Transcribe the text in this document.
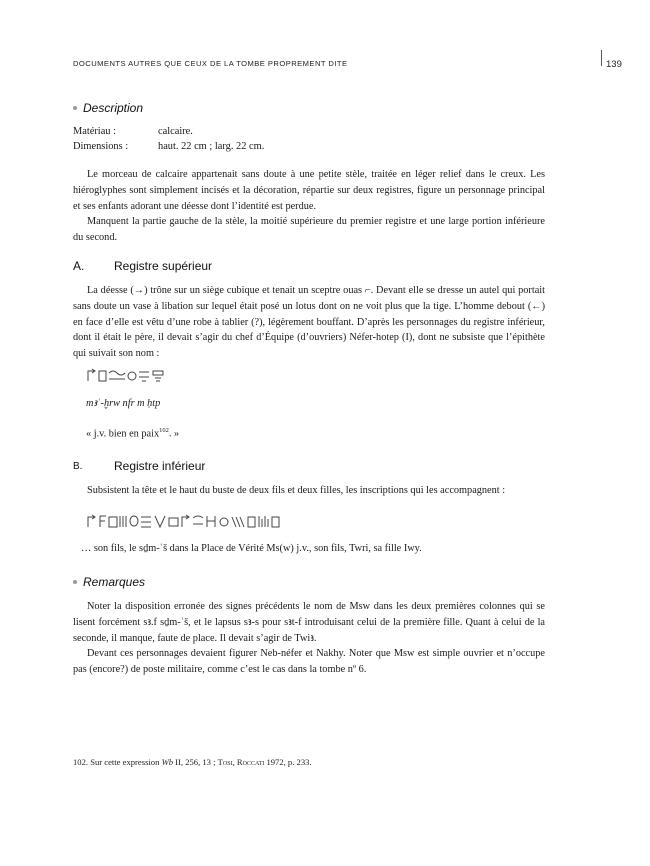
DOCUMENTS AUTRES QUE CEUX DE LA TOMBE PROPREMENT DITE	139
Description
Matériau :	calcaire.
Dimensions :	haut. 22 cm ; larg. 22 cm.

Le morceau de calcaire appartenait sans doute à une petite stèle, traitée en léger relief dans le creux. Les hiéroglyphes sont simplement incisés et la décoration, répartie sur deux registres, figure un personnage principal et ses enfants adorant une déesse dont l’identité est perdue.

Manquent la partie gauche de la stèle, la moitié supérieure du premier registre et une large portion inférieure du second.

A. Registre supérieur

La déesse (→) trône sur un siège cubique et tenait un sceptre ouas ⌐. Devant elle se dresse un autel qui portait sans doute un vase à libation sur lequel était posé un lotus dont on ne voit plus que la tige. L’homme debout (←) en face d’elle est vêtu d’une robe à tablier (?), légèrement bouffant. D’après les personnages du registre inférieur, dont il était le père, il devait s’agir du chef d’Équipe (d’ouvriers) Néfer-hotep (I), dont ne subsiste que l’épithète qui suivait son nom :

mꜣʿ-ḫrw nfr m ḥtp
« j.v. bien en paix$^{102}$. »
B.	Registre inférieur

Subsistent la tête et le haut du buste de deux fils et deux filles, les inscriptions qui les accompagnent :

… son fils, le sḏm-ʿš dans la Place de Vérité Ms(w) j.v., son fils, Twri, sa fille Iwy.
Remarques

Noter la disposition erronée des signes précédents le nom de Msw dans les deux premières colonnes qui se lisent forcément sꜣ.f sḏm-ʿš, et le lapsus sꜣ-s pour sꜣt-f introduisant celui de la première fille. Quant à celui de la seconde, il manque, faute de place. Il devait s’agir de Twiꜣ.

Devant ces personnages devaient figurer Neb-néfer et Nakhy. Noter que Msw est simple ouvrier et n’occupe pas (encore?) de poste militaire, comme c’est le cas dans la tombe nº 6.

102. Sur cette expression Wb II, 256, 13 ; Tosi, Roccati 1972, p. 233.
